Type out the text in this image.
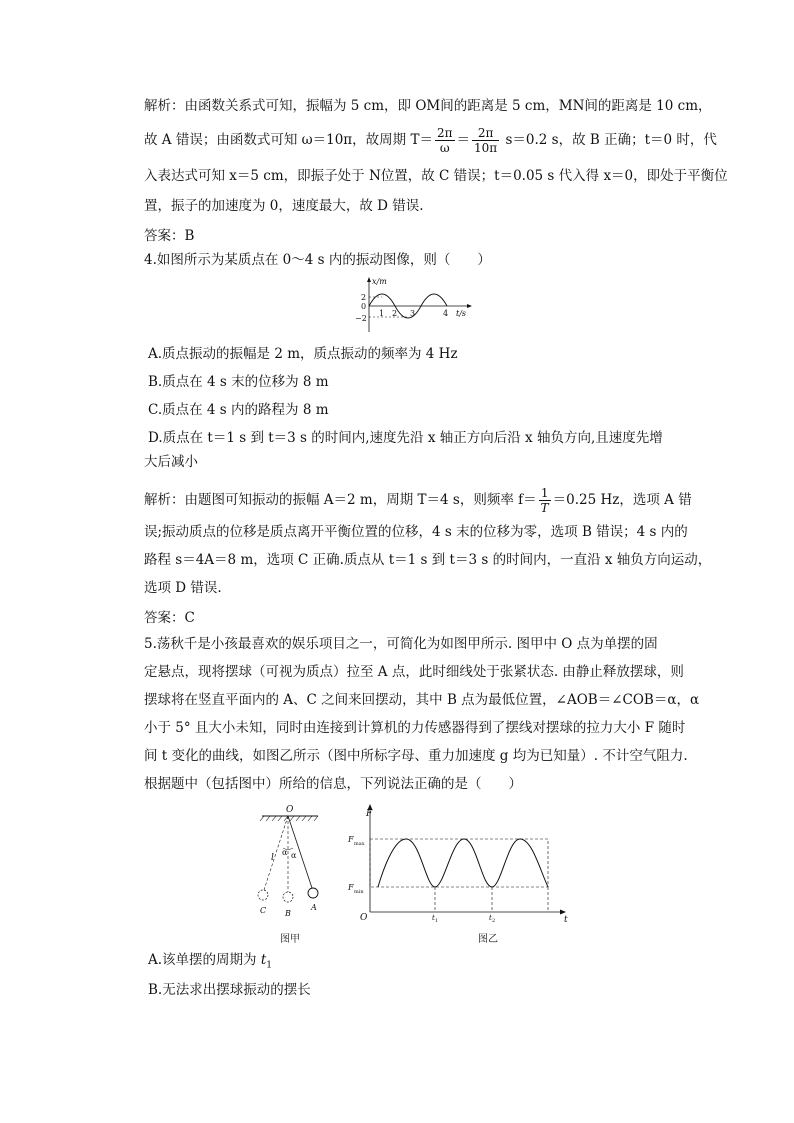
解析：由函数关系式可知，振幅为 5 cm，即 OM间的距离是 5 cm，MN间的距离是 10 cm，
故 A 错误；由函数式可知 ω＝10π，故周期 $T= \frac{2\pi}{\omega} = \frac{2\pi}{10\pi} s=0.2$ s，故 B 正确；t＝0 时，代
入表达式可知 x＝5 cm，即振子处于 N位置，故 C 错误；t＝0.05 s 代入得 x＝0，即处于平衡位
置，振子的加速度为 0，速度最大，故 D 错误.
答案：B
4.如图所示为某质点在 0～4 s 内的振动图像，则（　　）
x/m
2
0
−2
1 2 3	4 t/s
A.质点振动的振幅是 2 m，质点振动的频率为 4 Hz
B.质点在 4 s 末的位移为 8 m
C.质点在 4 s 内的路程为 8 m
D.质点在 t＝1 s 到 t＝3 s 的时间内,速度先沿 x 轴正方向后沿 x 轴负方向,且速度先增
大后减小
解析：由题图可知振动的振幅 A＝2 m，周期 T＝4 s，则频率 $f= \frac{1}{T} =0.25$ Hz，选项 A 错
误;振动质点的位移是质点离开平衡位置的位移，4 s 末的位移为零，选项 B 错误；4 s 内的
路程 s＝4A＝8 m，选项 C 正确.质点从 t＝1 s 到 t＝3 s 的时间内，一直沿 x 轴负方向运动，
选项 D 错误.
答案：C
5.荡秋千是小孩最喜欢的娱乐项目之一，可简化为如图甲所示. 图甲中 O 点为单摆的固
定悬点，现将摆球（可视为质点）拉至 A 点，此时细线处于张紧状态. 由静止释放摆球，则
摆球将在竖直平面内的 A、C 之间来回摆动，其中 B 点为最低位置，∠AOB＝∠COB＝α，α
小于 5° 且大小未知，同时由连接到计算机的力传感器得到了摆线对摆球的拉力大小 F 随时
间 t 变化的曲线，如图乙所示（图中所标字母、重力加速度 g 均为已知量）. 不计空气阻力.
根据题中（包括图中）所给的信息，下列说法正确的是（　　）
O
l
α α
C B
A
图甲
F
F max
F min
O	t 1	t 2	t
图乙
A.该单摆的周期为 $t_1$
B.无法求出摆球振动的摆长
